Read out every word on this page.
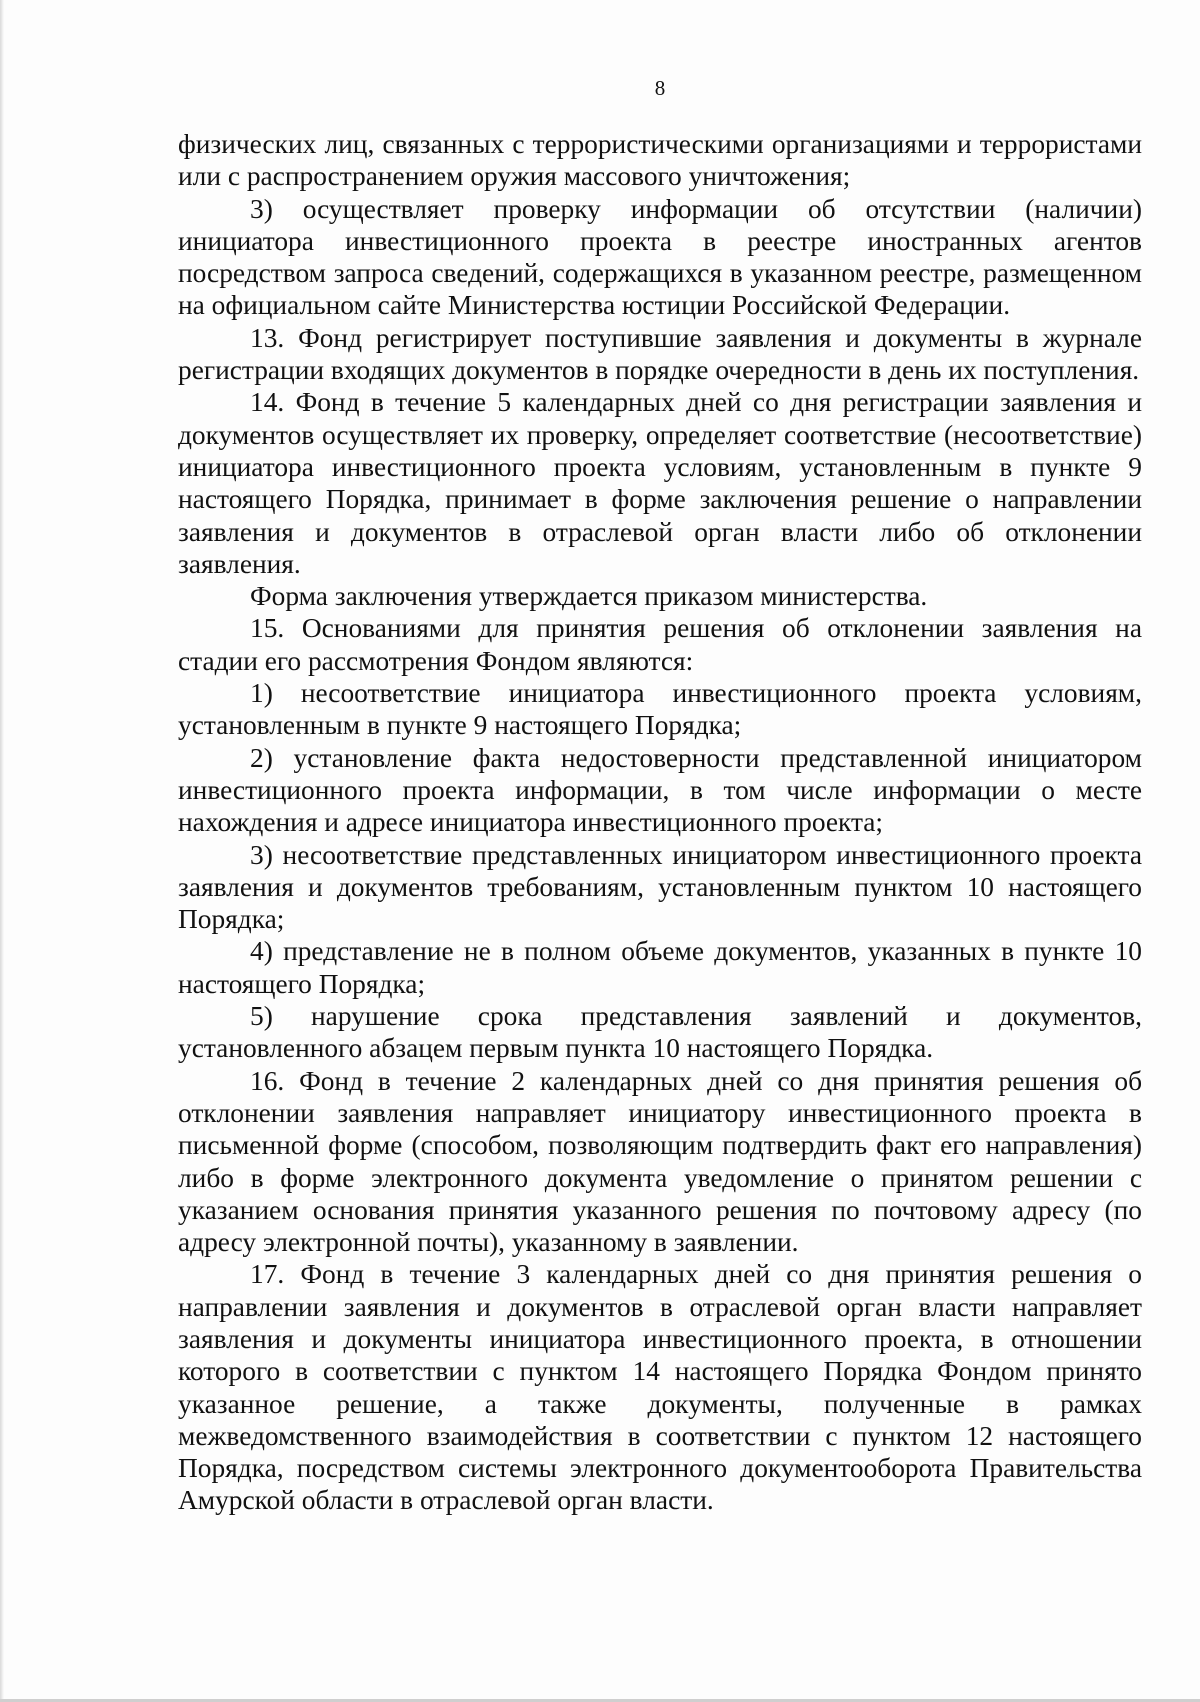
8

физических лиц, связанных с террористическими организациями и террористами или с распространением оружия массового уничтожения;

3) осуществляет проверку информации об отсутствии (наличии) инициатора инвестиционного проекта в реестре иностранных агентов посредством запроса сведений, содержащихся в указанном реестре, размещенном на официальном сайте Министерства юстиции Российской Федерации.

13. Фонд регистрирует поступившие заявления и документы в журнале регистрации входящих документов в порядке очередности в день их поступления.

14. Фонд в течение 5 календарных дней со дня регистрации заявления и документов осуществляет их проверку, определяет соответствие (несоответствие) инициатора инвестиционного проекта условиям, установленным в пункте 9 настоящего Порядка, принимает в форме заключения решение о направлении заявления и документов в отраслевой орган власти либо об отклонении заявления.

Форма заключения утверждается приказом министерства.

15. Основаниями для принятия решения об отклонении заявления на стадии его рассмотрения Фондом являются:

1) несоответствие инициатора инвестиционного проекта условиям, установленным в пункте 9 настоящего Порядка;

2) установление факта недостоверности представленной инициатором инвестиционного проекта информации, в том числе информации о месте нахождения и адресе инициатора инвестиционного проекта;

3) несоответствие представленных инициатором инвестиционного проекта заявления и документов требованиям, установленным пунктом 10 настоящего Порядка;

4) представление не в полном объеме документов, указанных в пункте 10 настоящего Порядка;

5) нарушение срока представления заявлений и документов, установленного абзацем первым пункта 10 настоящего Порядка.

16. Фонд в течение 2 календарных дней со дня принятия решения об отклонении заявления направляет инициатору инвестиционного проекта в письменной форме (способом, позволяющим подтвердить факт его направления) либо в форме электронного документа уведомление о принятом решении с указанием основания принятия указанного решения по почтовому адресу (по адресу электронной почты), указанному в заявлении.

17. Фонд в течение 3 календарных дней со дня принятия решения о направлении заявления и документов в отраслевой орган власти направляет заявления и документы инициатора инвестиционного проекта, в отношении которого в соответствии с пунктом 14 настоящего Порядка Фондом принято указанное решение, а также документы, полученные в рамках межведомственного взаимодействия в соответствии с пунктом 12 настоящего Порядка, посредством системы электронного документооборота Правительства Амурской области в отраслевой орган власти.
